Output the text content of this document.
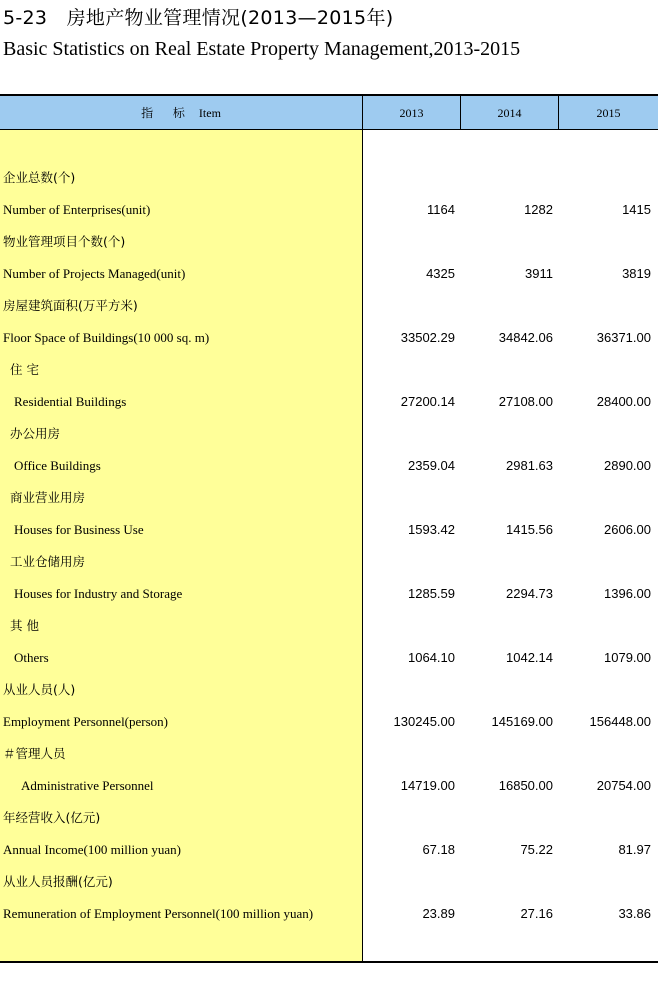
5-23　房地产物业管理情况(2013—2015年)
Basic Statistics on Real Estate Property Management,2013-2015
指 标 Item	2013	2014	2015
企业总数(个)
Number of Enterprises(unit)	1164	1282	1415
物业管理项目个数(个)
Number of Projects Managed(unit)	4325	3911	3819
房屋建筑面积(万平方米)
Floor Space of Buildings(10 000 sq. m)	33502.29	34842.06	36371.00
住 宅
Residential Buildings	27200.14	27108.00	28400.00
办公用房
Office Buildings	2359.04	2981.63	2890.00
商业营业用房
Houses for Business Use	1593.42	1415.56	2606.00
工业仓储用房
Houses for Industry and Storage	1285.59	2294.73	1396.00
其 他
Others	1064.10	1042.14	1079.00
从业人员(人)
Employment Personnel(person)	130245.00	145169.00	156448.00
＃管理人员
Administrative Personnel	14719.00	16850.00	20754.00
年经营收入(亿元)
Annual Income(100 million yuan)	67.18	75.22	81.97
从业人员报酬(亿元)
Remuneration of Employment Personnel(100 million yuan)	23.89	27.16	33.86
